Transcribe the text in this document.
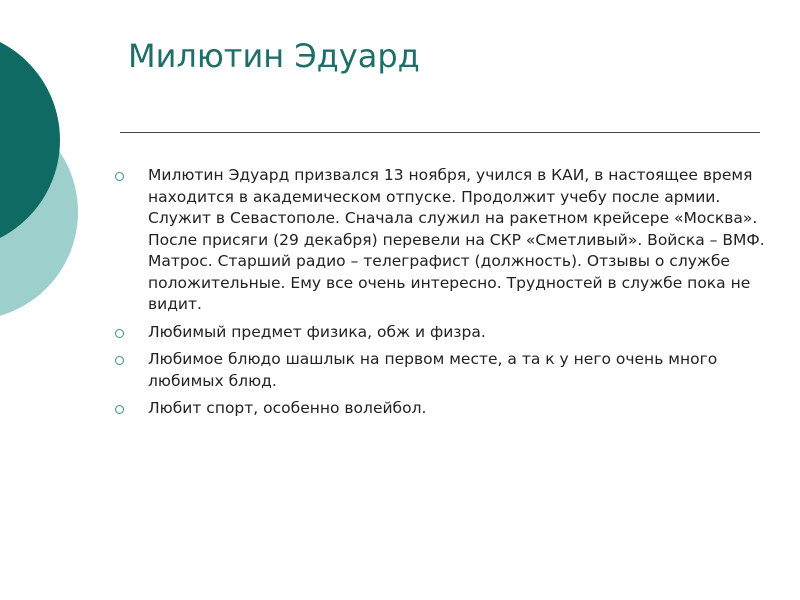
Милютин Эдуард
Милютин Эдуард призвался 13 ноября, учился в КАИ, в настоящее время находится в академическом отпуске. Продолжит учебу после армии. Служит в Севастополе. Сначала служил на ракетном крейсере «Москва». После присяги (29 декабря) перевели на СКР «Сметливый». Войска – ВМФ. Матрос. Старший радио – телеграфист (должность). Отзывы о службе положительные. Ему все очень интересно. Трудностей в службе пока не видит.
Любимый предмет физика, обж и физра.
Любимое блюдо шашлык на первом месте, а та к у него очень много любимых блюд.
Любит спорт, особенно волейбол.
